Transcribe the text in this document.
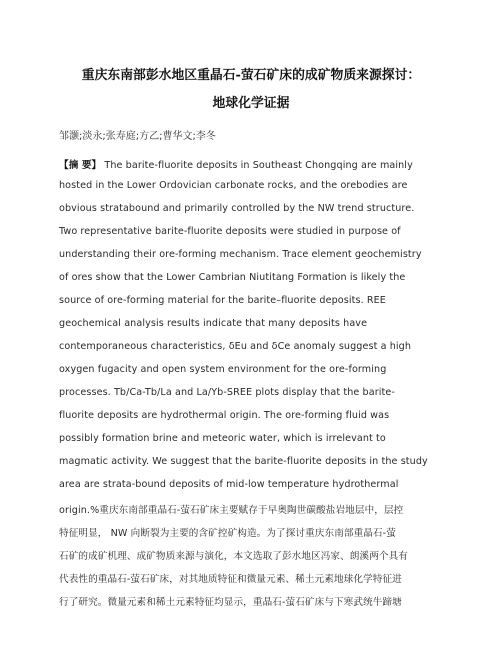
重庆东南部彭水地区重晶石-萤石矿床的成矿物质来源探讨：
地球化学证据
邹灏;淡永;张寿庭;方乙;曹华文;李冬
【摘 要】 The barite-fluorite deposits in Southeast Chongqing are mainly
hosted in the Lower Ordovician carbonate rocks, and the orebodies are
obvious stratabound and primarily controlled by the NW trend structure.
Two representative barite-fluorite deposits were studied in purpose of
understanding their ore-forming mechanism. Trace element geochemistry
of ores show that the Lower Cambrian Niutitang Formation is likely the
source of ore-forming material for the barite–fluorite deposits. REE
geochemical analysis results indicate that many deposits have
contemporaneous characteristics, δEu and δCe anomaly suggest a high
oxygen fugacity and open system environment for the ore-forming
processes. Tb/Ca-Tb/La and La/Yb-SREE plots display that the barite-
fluorite deposits are hydrothermal origin. The ore-forming fluid was
possibly formation brine and meteoric water, which is irrelevant to
magmatic activity. We suggest that the barite-fluorite deposits in the study
area are strata-bound deposits of mid-low temperature hydrothermal
origin.%重庆东南部重晶石-萤石矿床主要赋存于早奥陶世碳酸盐岩地层中，层控
特征明显， NW 向断裂为主要的含矿控矿构造。为了探讨重庆东南部重晶石-萤
石矿的成矿机理、成矿物质来源与演化，本文选取了彭水地区冯家、朗溪两个具有
代表性的重晶石-萤石矿床，对其地质特征和微量元素、稀土元素地球化学特征进
行了研究。微量元素和稀土元素特征均显示，重晶石-萤石矿床与下寒武统牛蹄塘
